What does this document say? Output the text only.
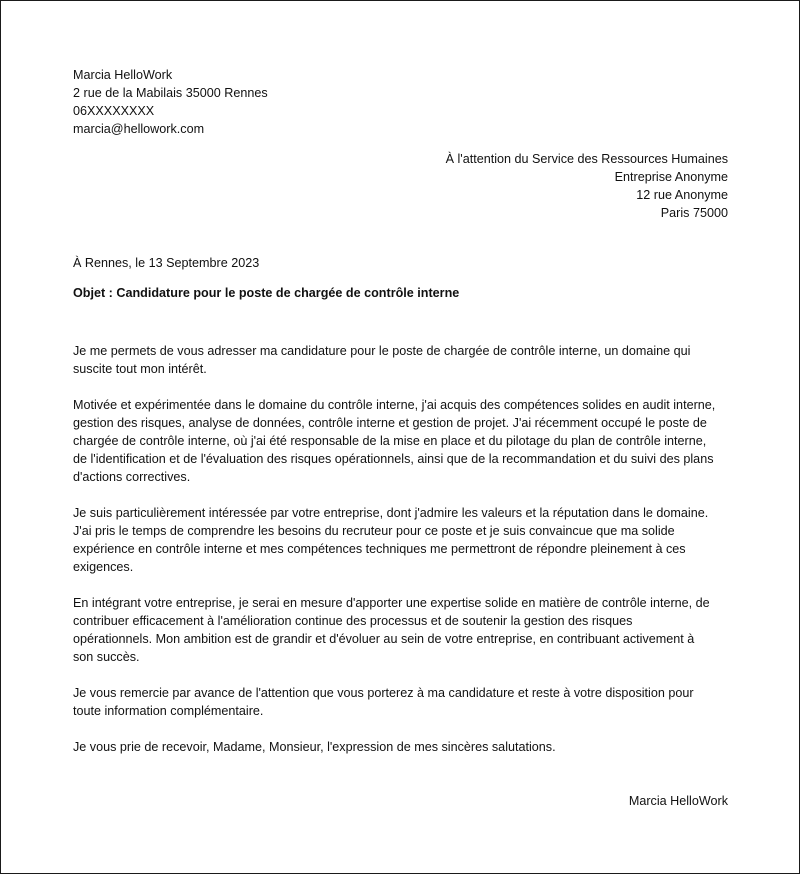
Marcia HelloWork
2 rue de la Mabilais 35000 Rennes
06XXXXXXXX
marcia@hellowork.com
À l'attention du Service des Ressources Humaines
Entreprise Anonyme
12 rue Anonyme
Paris 75000
À Rennes, le 13 Septembre 2023
Objet : Candidature pour le poste de chargée de contrôle interne
Je me permets de vous adresser ma candidature pour le poste de chargée de contrôle interne, un domaine qui
suscite tout mon intérêt.
Motivée et expérimentée dans le domaine du contrôle interne, j'ai acquis des compétences solides en audit interne,
gestion des risques, analyse de données, contrôle interne et gestion de projet. J'ai récemment occupé le poste de
chargée de contrôle interne, où j'ai été responsable de la mise en place et du pilotage du plan de contrôle interne,
de l'identification et de l'évaluation des risques opérationnels, ainsi que de la recommandation et du suivi des plans
d'actions correctives.
Je suis particulièrement intéressée par votre entreprise, dont j'admire les valeurs et la réputation dans le domaine.
J'ai pris le temps de comprendre les besoins du recruteur pour ce poste et je suis convaincue que ma solide
expérience en contrôle interne et mes compétences techniques me permettront de répondre pleinement à ces
exigences.
En intégrant votre entreprise, je serai en mesure d'apporter une expertise solide en matière de contrôle interne, de
contribuer efficacement à l'amélioration continue des processus et de soutenir la gestion des risques
opérationnels. Mon ambition est de grandir et d'évoluer au sein de votre entreprise, en contribuant activement à
son succès.
Je vous remercie par avance de l'attention que vous porterez à ma candidature et reste à votre disposition pour
toute information complémentaire.
Je vous prie de recevoir, Madame, Monsieur, l'expression de mes sincères salutations.
Marcia HelloWork
